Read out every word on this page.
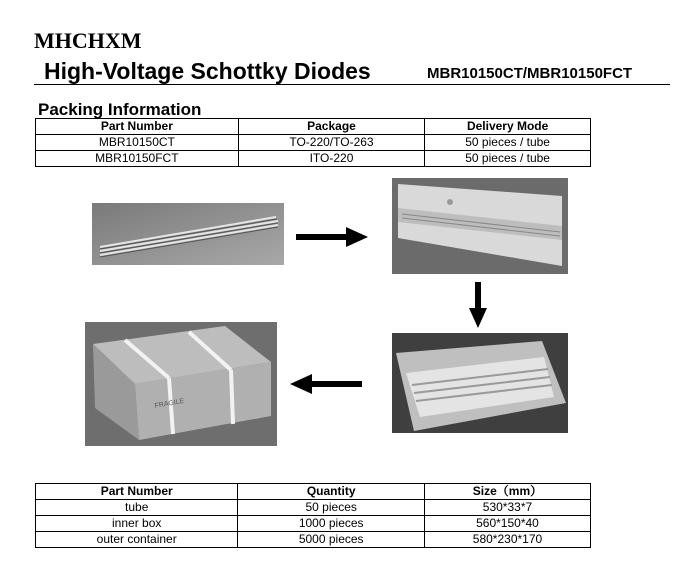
MHCHXM
High-Voltage Schottky Diodes	MBR10150CT/MBR10150FCT
Packing Information
Part Number	Package	Delivery Mode
MBR10150CT	TO-220/TO-263	50 pieces / tube
MBR10150FCT	ITO-220	50 pieces / tube
FRAGILE
Part Number	Quantity	Size（mm）
tube	50 pieces	530*33*7
inner box	1000 pieces	560*150*40
outer container	5000 pieces	580*230*170
